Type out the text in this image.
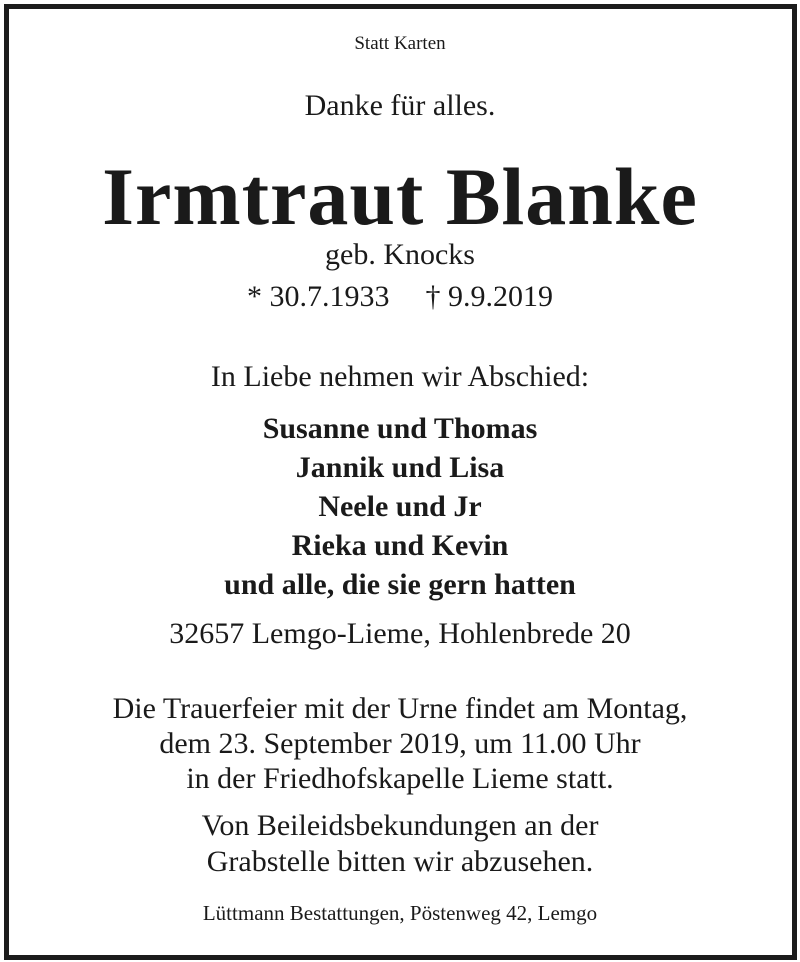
Statt Karten
Danke für alles.
Irmtraut Blanke
geb. Knocks
* 30.7.1933 † 9.9.2019
In Liebe nehmen wir Abschied:
Susanne und Thomas
Jannik und Lisa
Neele und Jr
Rieka und Kevin
und alle, die sie gern hatten
32657 Lemgo-Lieme, Hohlenbrede 20
Die Trauerfeier mit der Urne findet am Montag,
dem 23. September 2019, um 11.00 Uhr
in der Friedhofskapelle Lieme statt.
Von Beileidsbekundungen an der
Grabstelle bitten wir abzusehen.
Lüttmann Bestattungen, Pöstenweg 42, Lemgo
